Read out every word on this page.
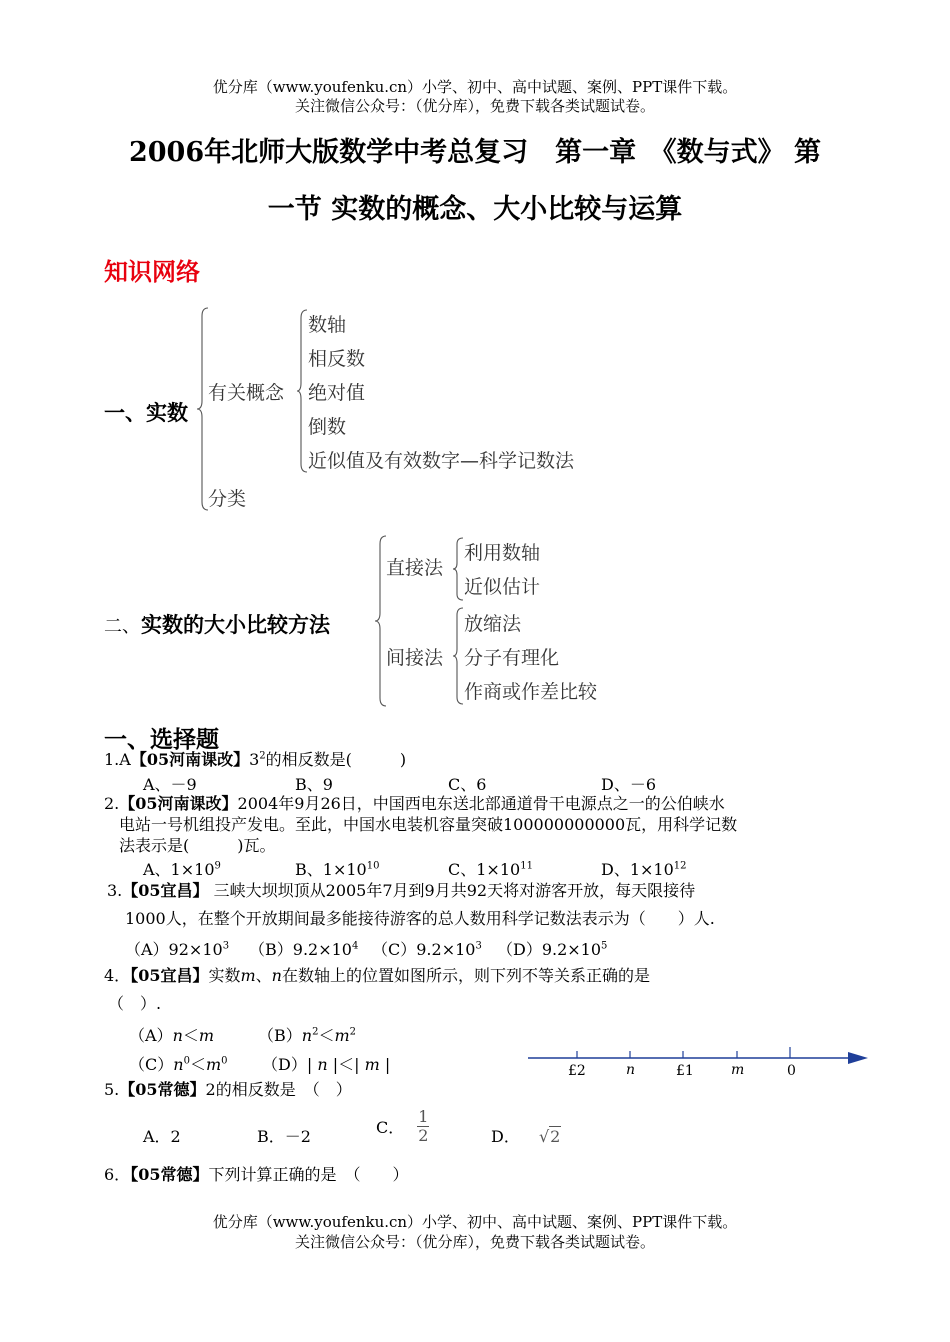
优分库（www.youfenku.cn）小学、初中、高中试题、案例、PPT课件下载。
关注微信公众号：（优分库），免费下载各类试题试卷。
2006年北师大版数学中考总复习　第一章　《数与式》 第
一节 实数的概念、大小比较与运算
知识网络
一、实数
有关概念
数轴
相反数
绝对值
倒数
近似值及有效数字—科学记数法
分类
二、 实数的大小比较方法
直接法
利用数轴
近似估计
间接法
放缩法
分子有理化
作商或作差比较
一、选择题
1.A【05河南课改】$3^2$的相反数是(　　　)
A、－9	B、9	C、6	D、－6
2.【05河南课改】2004年9月26日，中国西电东送北部通道骨干电源点之一的公伯峡水
电站一号机组投产发电。至此，中国水电装机容量突破100000000000瓦，用科学记数
法表示是(　　　)瓦。
A、$1\times 10^9$	B、$1\times 10^{10}$	C、$1\times 10^{11}$	D、$1\times 10^{12}$
3.【05宜昌】 三峡大坝坝顶从2005年7月到9月共92天将对游客开放，每天限接待
1000人，在整个开放期间最多能接待游客的总人数用科学记数法表示为（　　）人.
$(A)92\times 10^3$ $(B)9.2\times 10^4$ $(C)9.2\times 10^3$ $(D)9.2\times 10^5$
4．【05宜昌】实数m、n在数轴上的位置如图所示，则下列不等关系正确的是
（　）.
（A）n＜m	$(B)n^2<m^2$
$(C)n^0<m^0$ （D）| n |＜| m |	£2	n	£1	m	0
5.【05常德】2的相反数是　（　）
A．2	B．－2	C． $\frac{1}{2}$	D． √2
6．【05常德】下列计算正确的是　（　　）
优分库（www.youfenku.cn）小学、初中、高中试题、案例、PPT课件下载。
关注微信公众号：（优分库），免费下载各类试题试卷。
